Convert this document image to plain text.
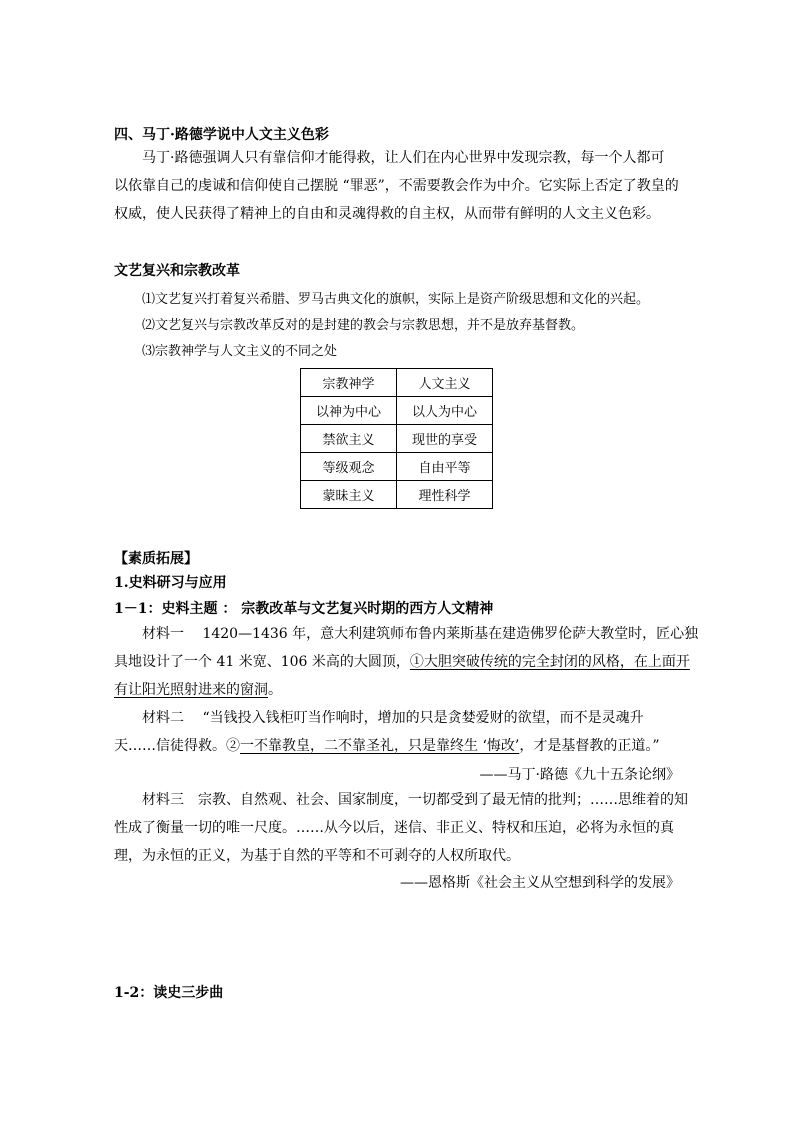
四、马丁·路德学说中人文主义色彩
马丁·路德强调人只有靠信仰才能得救，让人们在内心世界中发现宗教，每一个人都可
以依靠自己的虔诚和信仰使自己摆脱 “罪恶”，不需要教会作为中介。它实际上否定了教皇的
权威，使人民获得了精神上的自由和灵魂得救的自主权，从而带有鲜明的人文主义色彩。
文艺复兴和宗教改革
⑴文艺复兴打着复兴希腊、罗马古典文化的旗帜，实际上是资产阶级思想和文化的兴起。
⑵文艺复兴与宗教改革反对的是封建的教会与宗教思想，并不是放弃基督教。
⑶宗教神学与人文主义的不同之处
宗教神学	人文主义
以神为中心	以人为中心
禁欲主义	现世的享受
等级观念	自由平等
蒙昧主义	理性科学
【素质拓展】
1.史料研习与应用
1－1：史料主题 ： 宗教改革与文艺复兴时期的西方人文精神
材料一　 1420—1436 年，意大利建筑师布鲁内莱斯基在建造佛罗伦萨大教堂时，匠心独
具地设计了一个 41 米宽、106 米高的大圆顶，①大胆突破传统的完全封闭的风格，在上面开
有让阳光照射进来的窗洞。
材料二　 “当钱投入钱柜叮当作响时，增加的只是贪婪爱财的欲望，而不是灵魂升
天……信徒得救。②一不靠教皇，二不靠圣礼，只是靠终生 ‘悔改’，才是基督教的正道。”
——马丁·路德《九十五条论纲》
材料三　宗教、自然观、社会、国家制度，一切都受到了最无情的批判；……思维着的知
性成了衡量一切的唯一尺度。……从今以后，迷信、非正义、特权和压迫，必将为永恒的真
理，为永恒的正义，为基于自然的平等和不可剥夺的人权所取代。
——恩格斯《社会主义从空想到科学的发展》
1-2：读史三步曲
